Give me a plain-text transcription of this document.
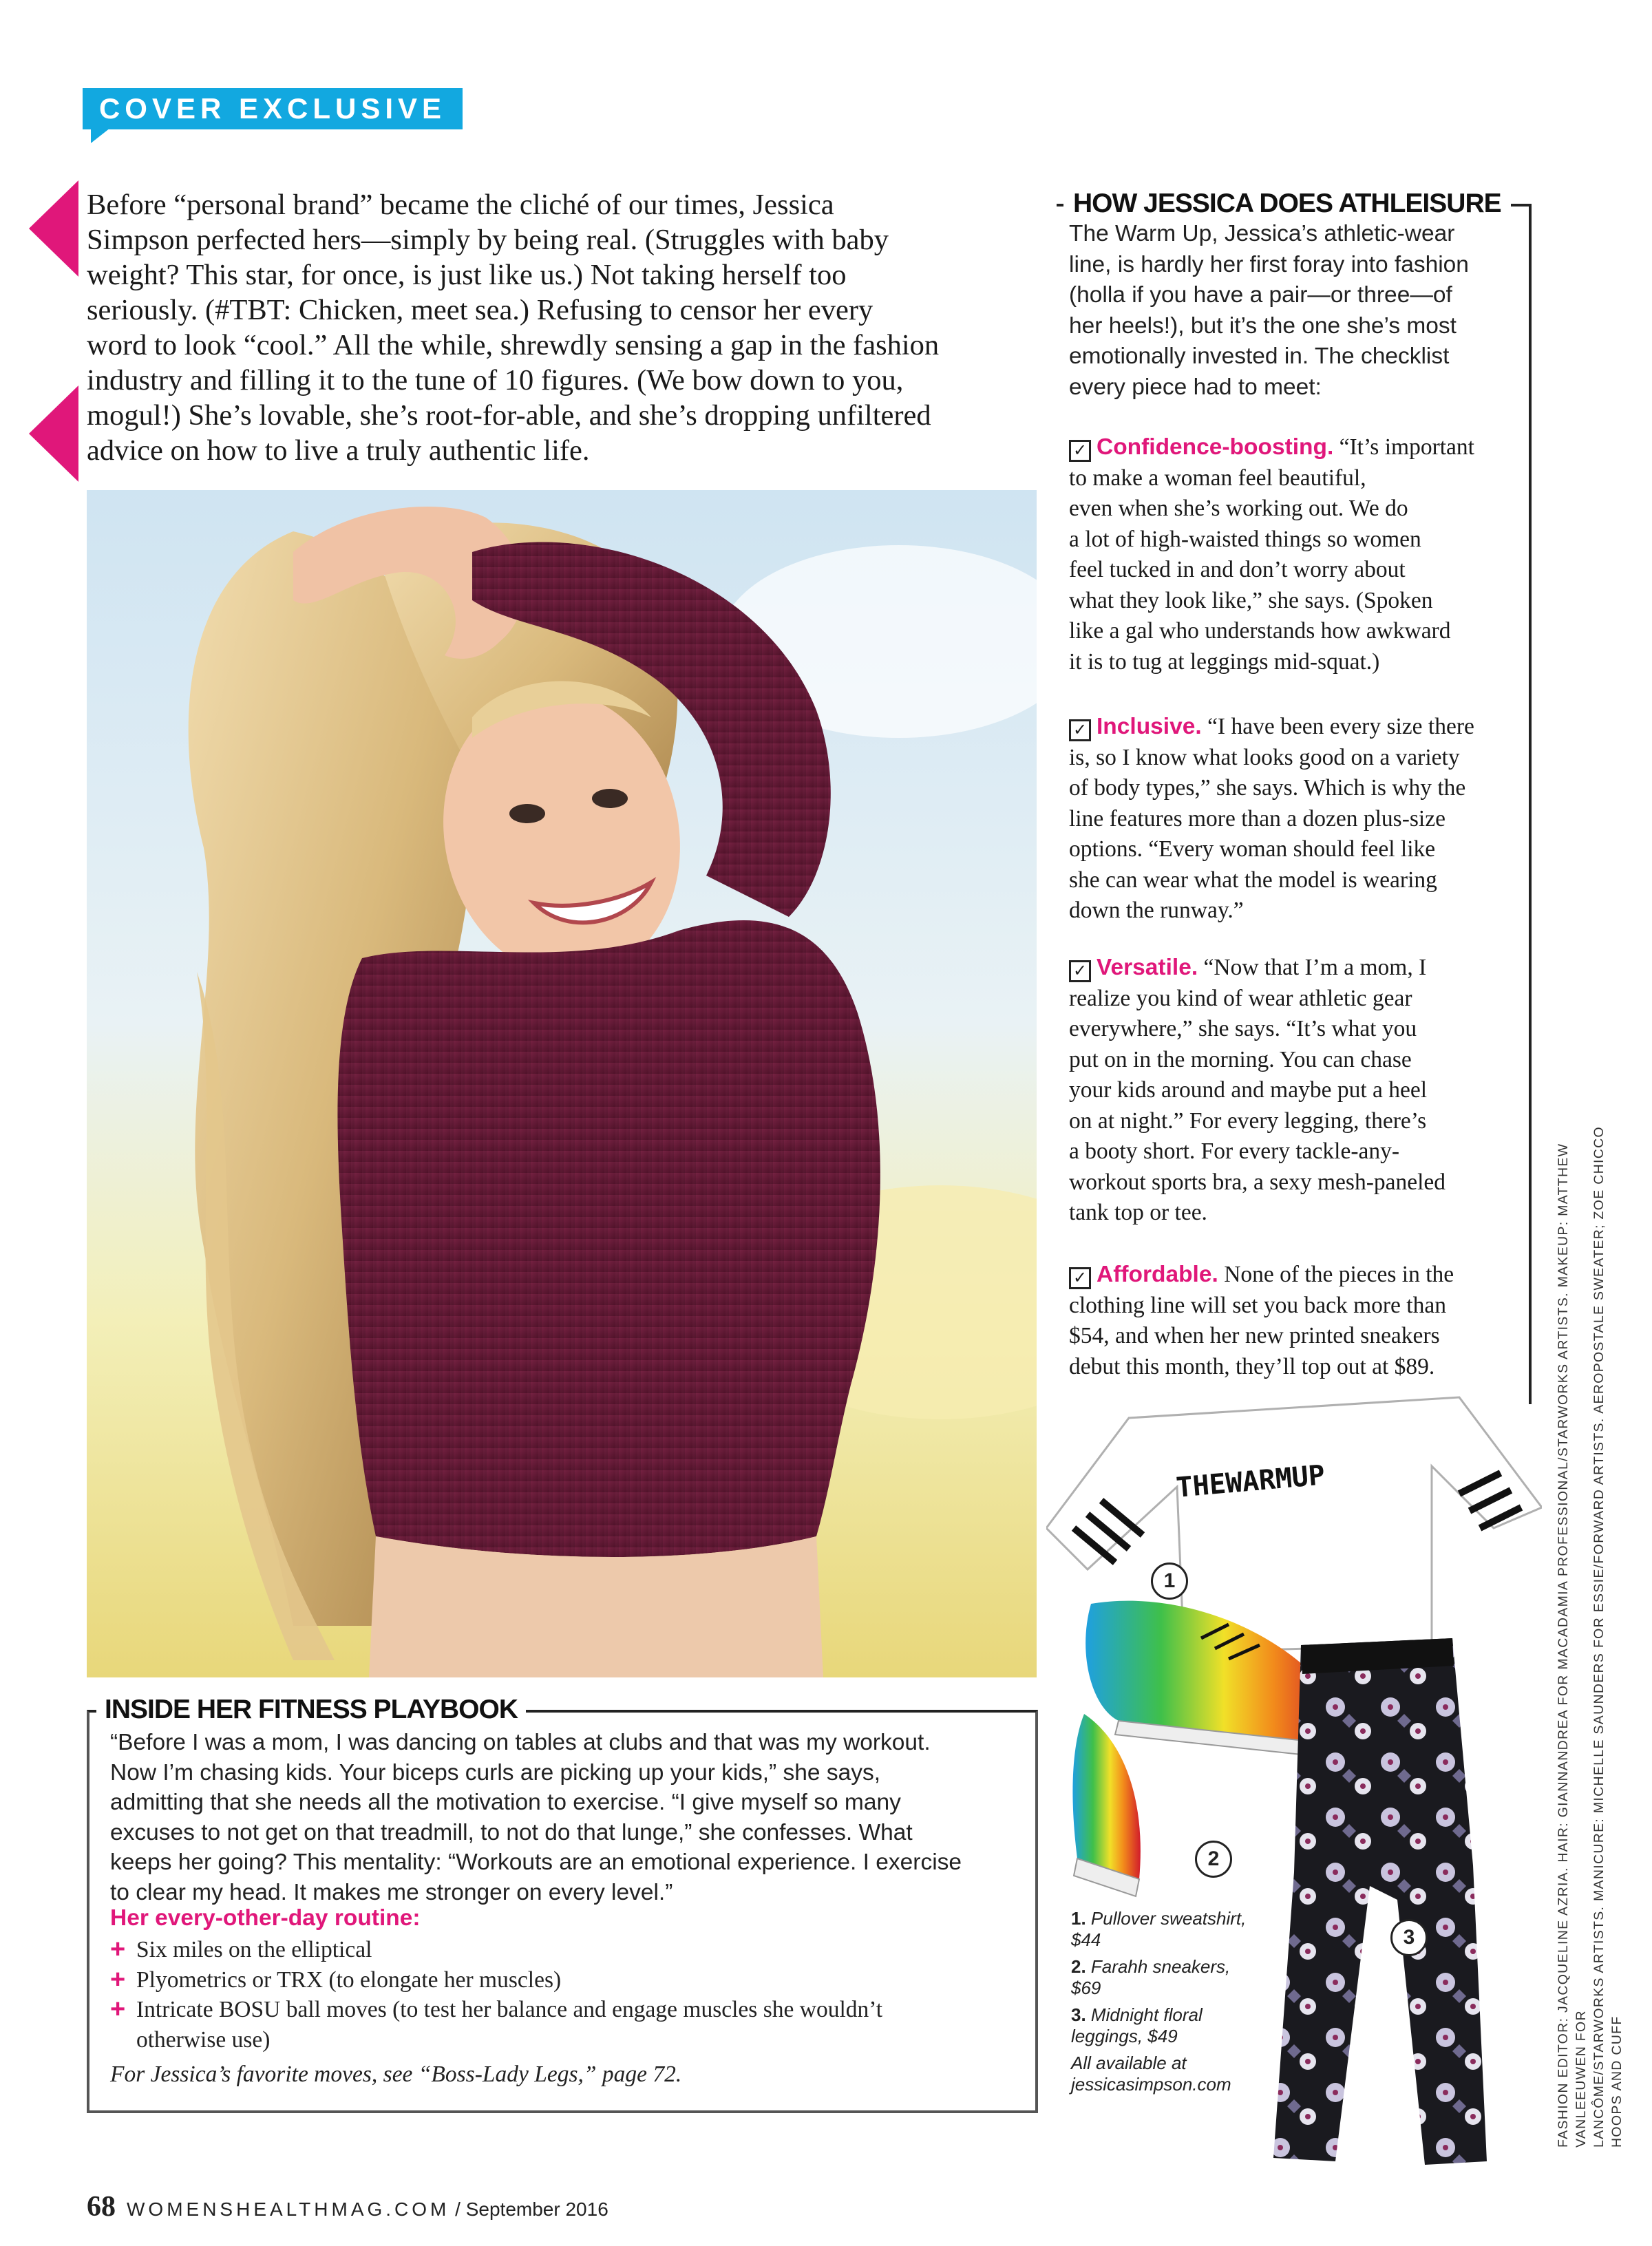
COVER EXCLUSIVE
Before “personal brand” became the cliché of our times, Jessica
Simpson perfected hers—simply by being real. (Struggles with baby
weight? This star, for once, is just like us.) Not taking herself too
seriously. (#TBT: Chicken, meet sea.) Refusing to censor her every
word to look “cool.” All the while, shrewdly sensing a gap in the fashion
industry and filling it to the tune of 10 figures. (We bow down to you,
mogul!) She’s lovable, she’s root-for-able, and she’s dropping unfiltered
advice on how to live a truly authentic life.
HOW JESSICA DOES ATHLEISURE
The Warm Up, Jessica’s athletic-wear
line, is hardly her first foray into fashion
(holla if you have a pair—or three—of
her heels!), but it’s the one she’s most
emotionally invested in. The checklist
every piece had to meet:
✓ Confidence-boosting. “It’s important
to make a woman feel beautiful,
even when she’s working out. We do
a lot of high-waisted things so women
feel tucked in and don’t worry about
what they look like,” she says. (Spoken
like a gal who understands how awkward
it is to tug at leggings mid-squat.)
✓ Inclusive. “I have been every size there
is, so I know what looks good on a variety
of body types,” she says. Which is why the
line features more than a dozen plus-size
options. “Every woman should feel like
she can wear what the model is wearing
down the runway.”
✓ Versatile. “Now that I’m a mom, I
realize you kind of wear athletic gear
everywhere,” she says. “It’s what you
put on in the morning. You can chase
your kids around and maybe put a heel
on at night.” For every legging, there’s
a booty short. For every tackle-any-
workout sports bra, a sexy mesh-paneled
tank top or tee.
✓ Affordable. None of the pieces in the
clothing line will set you back more than
$54, and when her new printed sneakers
debut this month, they’ll top out at $89.
INSIDE HER FITNESS PLAYBOOK
“Before I was a mom, I was dancing on tables at clubs and that was my workout.
Now I’m chasing kids. Your biceps curls are picking up your kids,” she says,
admitting that she needs all the motivation to exercise. “I give myself so many
excuses to not get on that treadmill, to not do that lunge,” she confesses. What
keeps her going? This mentality: “Workouts are an emotional experience. I exercise
to clear my head. It makes me stronger on every level.”
Her every-other-day routine:
+ Six miles on the elliptical
+ Plyometrics or TRX (to elongate her muscles)
+ Intricate BOSU ball moves (to test her balance and engage muscles she wouldn’t
otherwise use)
For Jessica’s favorite moves, see “Boss-Lady Legs,” page 72.
THEWARMUP
1
2
3

1. Pullover sweatshirt,
$44

2. Farahh sneakers,
$69

3. Midnight floral
leggings, $49

All available at
jessicasimpson.com	FASHION EDITOR: JACQUELINE AZRIA. HAIR: GIANNANDREA FOR MACADAMIA PROFESSIONAL/STARWORKS ARTISTS. MAKEUP: MATTHEW VANLEEUWEN FOR LANCÔME/STARWORKS ARTISTS. MANICURE: MICHELLE SAUNDERS FOR ESSIE/FORWARD ARTISTS. AEROPOSTALE SWEATER; ZOE CHICCO HOOPS AND CUFF
68 WOMENSHEALTHMAG.COM / September 2016
